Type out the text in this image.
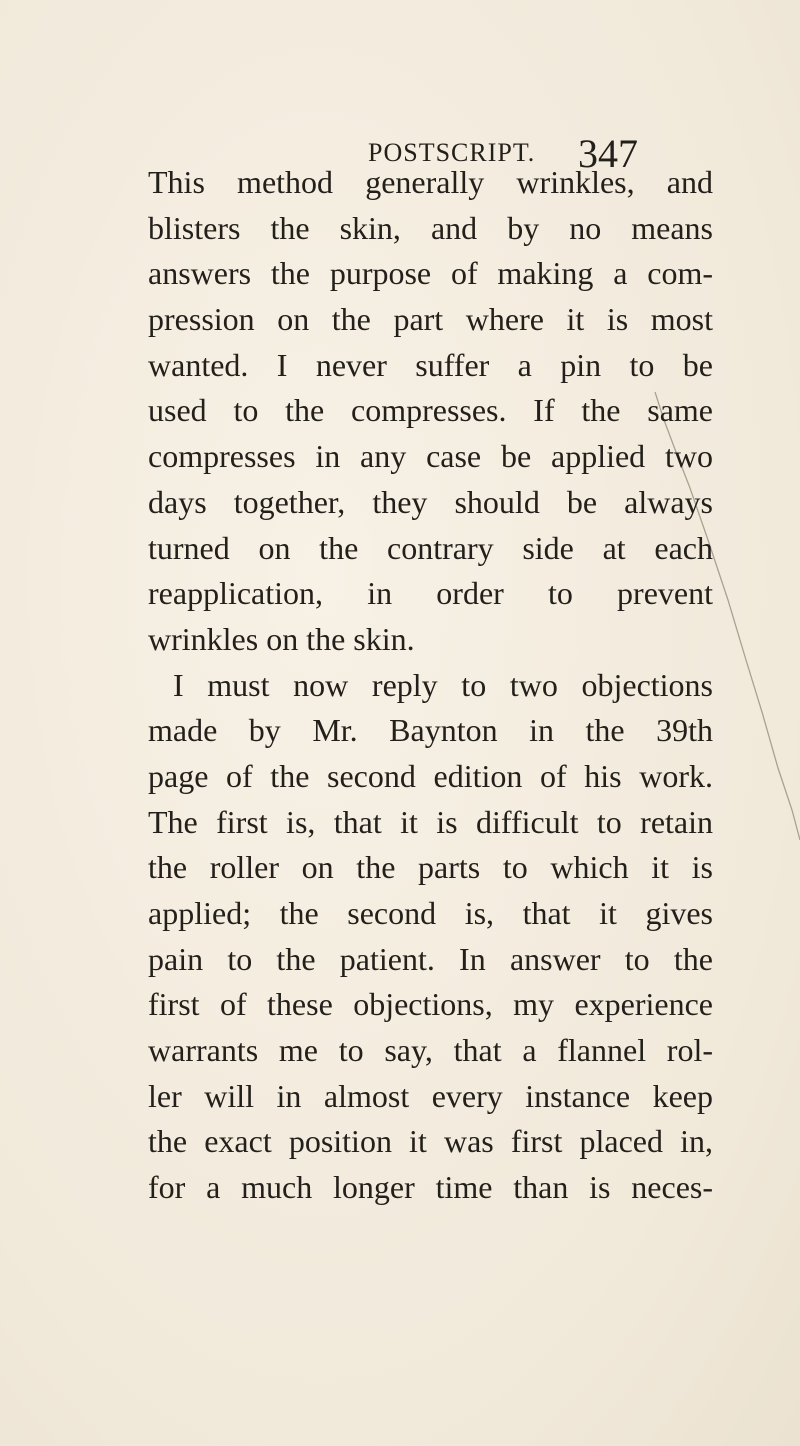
POSTSCRIPT. 347
This method generally wrinkles, and
blisters the skin, and by no means
answers the purpose of making a com-
pression on the part where it is most
wanted. I never suffer a pin to be
used to the compresses. If the same
compresses in any case be applied two
days together, they should be always
turned on the contrary side at each
reapplication, in order to prevent
wrinkles on the skin.
I must now reply to two objections
made by Mr. Baynton in the 39th
page of the second edition of his work.
The first is, that it is difficult to retain
the roller on the parts to which it is
applied; the second is, that it gives
pain to the patient. In answer to the
first of these objections, my experience
warrants me to say, that a flannel rol-
ler will in almost every instance keep
the exact position it was first placed in,
for a much longer time than is neces-
